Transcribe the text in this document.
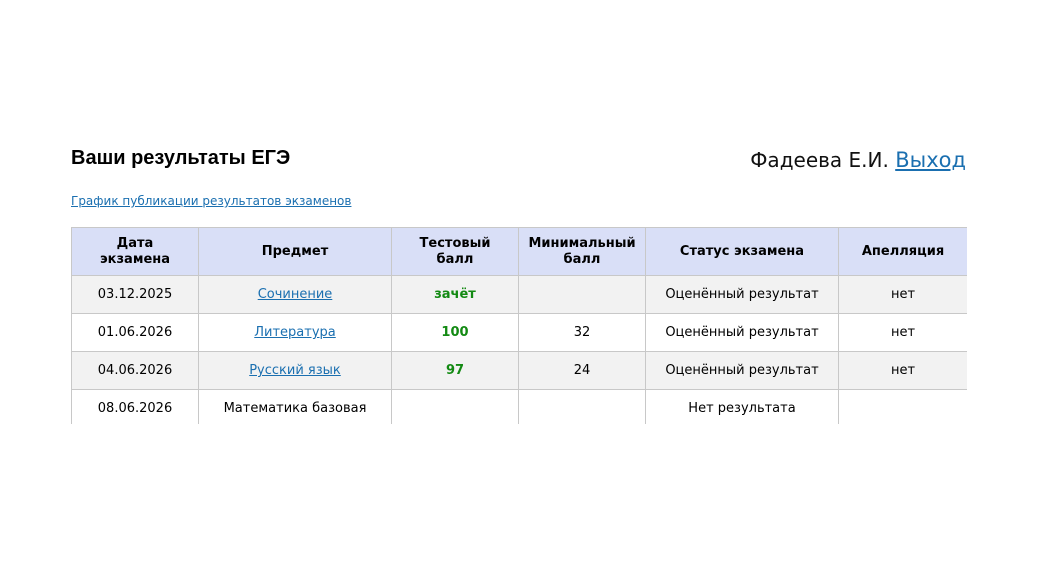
Ваши результаты ЕГЭ	Фадеева Е.И. Выход
График публикации результатов экзаменов
Дата экзамена	Предмет	Тестовый балл	Минимальный балл	Статус экзамена	Апелляция
03.12.2025	Сочинение	зачёт		Оценённый результат	нет
01.06.2026	Литература	100	32	Оценённый результат	нет
04.06.2026	Русский язык	97	24	Оценённый результат	нет
08.06.2026	Математика базовая			Нет результата	
